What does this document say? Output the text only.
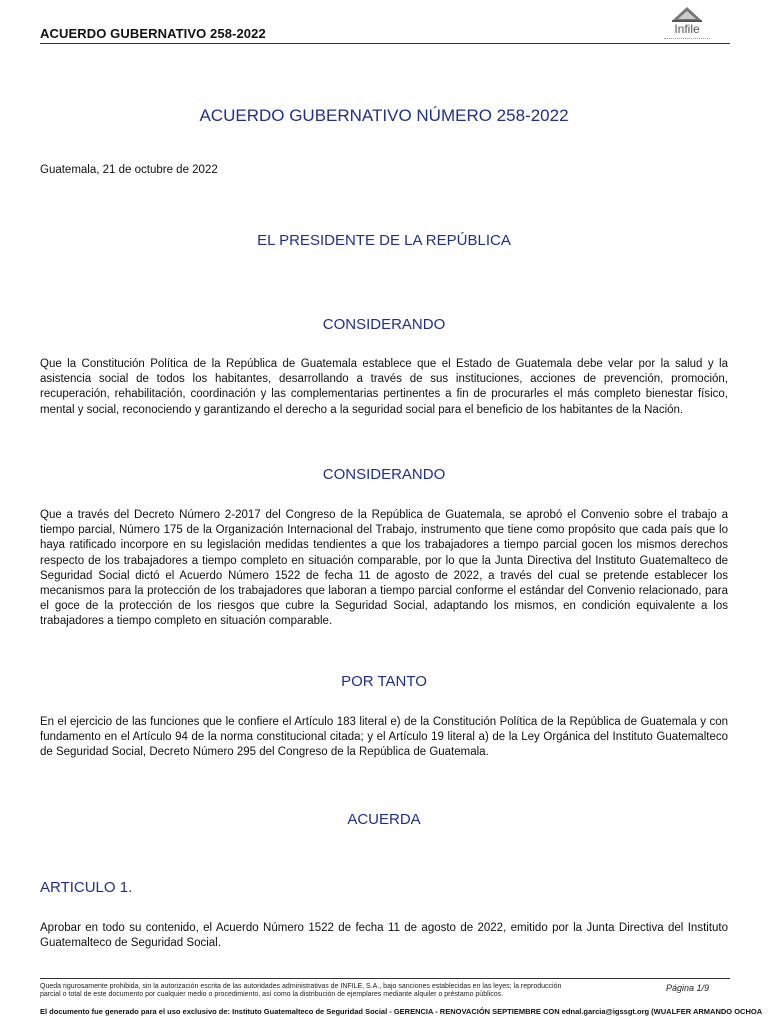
ACUERDO GUBERNATIVO 258-2022	Infile
ACUERDO GUBERNATIVO NÚMERO 258-2022
Guatemala, 21 de octubre de 2022
EL PRESIDENTE DE LA REPÚBLICA
CONSIDERANDO
Que la Constitución Política de la República de Guatemala establece que el Estado de Guatemala debe velar por la salud y la asistencia social de todos los habitantes, desarrollando a través de sus instituciones, acciones de prevención, promoción, recuperación, rehabilitación, coordinación y las complementarias pertinentes a fin de procurarles el más completo bienestar físico, mental y social, reconociendo y garantizando el derecho a la seguridad social para el beneficio de los habitantes de la Nación.
CONSIDERANDO
Que a través del Decreto Número 2-2017 del Congreso de la República de Guatemala, se aprobó el Convenio sobre el trabajo a tiempo parcial, Número 175 de la Organización Internacional del Trabajo, instrumento que tiene como propósito que cada país que lo haya ratificado incorpore en su legislación medidas tendientes a que los trabajadores a tiempo parcial gocen los mismos derechos respecto de los trabajadores a tiempo completo en situación comparable, por lo que la Junta Directiva del Instituto Guatemalteco de Seguridad Social dictó el Acuerdo Número 1522 de fecha 11 de agosto de 2022, a través del cual se pretende establecer los mecanismos para la protección de los trabajadores que laboran a tiempo parcial conforme el estándar del Convenio relacionado, para el goce de la protección de los riesgos que cubre la Seguridad Social, adaptando los mismos, en condición equivalente a los trabajadores a tiempo completo en situación comparable.
POR TANTO
En el ejercicio de las funciones que le confiere el Artículo 183 literal e) de la Constitución Política de la República de Guatemala y con fundamento en el Artículo 94 de la norma constitucional citada; y el Artículo 19 literal a) de la Ley Orgánica del Instituto Guatemalteco de Seguridad Social, Decreto Número 295 del Congreso de la República de Guatemala.
ACUERDA
ARTICULO 1.
Aprobar en todo su contenido, el Acuerdo Número 1522 de fecha 11 de agosto de 2022, emitido por la Junta Directiva del Instituto Guatemalteco de Seguridad Social.
Queda rigurosamente prohibida, sin la autorización escrita de las autoridades administrativas de INFILE, S.A., bajo sanciones establecidas en las leyes; la reproducción parcial o total de este documento por cualquier medio o procedimiento, así como la distribución de ejemplares mediante alquiler o préstamo públicos.
Página 1/9
El documento fue generado para el uso exclusivo de: Instituto Guatemalteco de Seguridad Social - GERENCIA - RENOVACIÓN SEPTIEMBRE CON ednal.garcia@igssgt.org (WUALFER ARMANDO OCHOA
